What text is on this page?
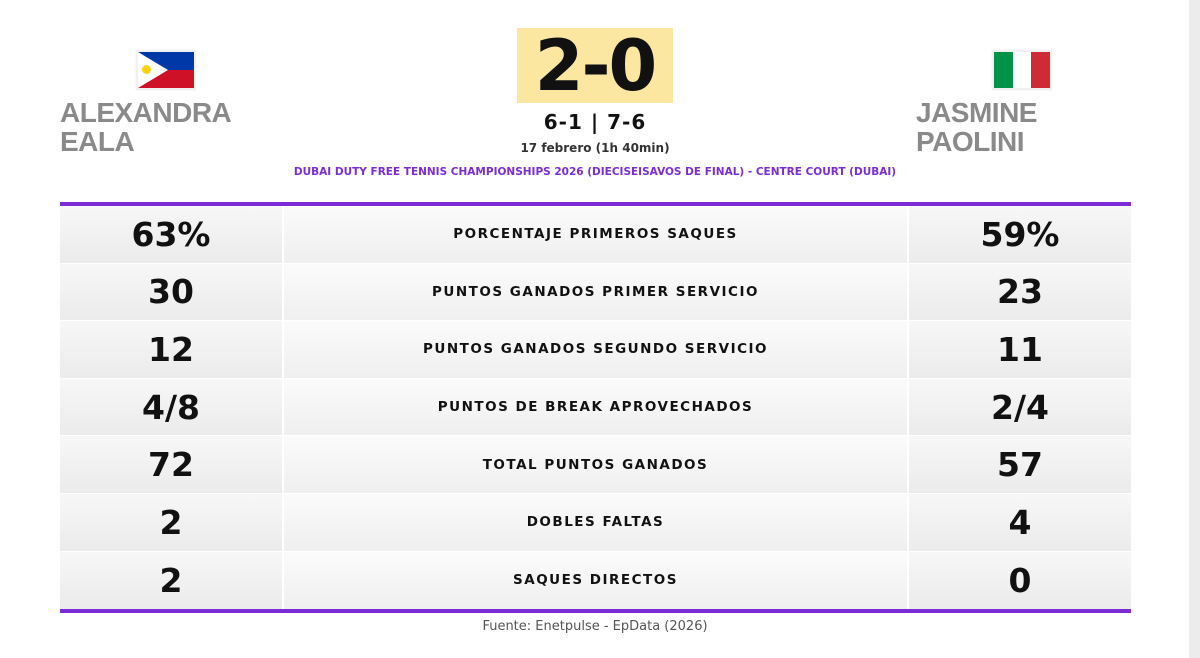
ALEXANDRA
EALA
JASMINE
PAOLINI
2-0
6-1 | 7-6
17 febrero (1h 40min)
DUBAI DUTY FREE TENNIS CHAMPIONSHIPS 2026 (DIECISEISAVOS DE FINAL) - CENTRE COURT (DUBAI)
63%	PORCENTAJE PRIMEROS SAQUES	59%
30	PUNTOS GANADOS PRIMER SERVICIO	23
12	PUNTOS GANADOS SEGUNDO SERVICIO	11
4/8	PUNTOS DE BREAK APROVECHADOS	2/4
72	TOTAL PUNTOS GANADOS	57
2	DOBLES FALTAS	4
2	SAQUES DIRECTOS	0
Fuente: Enetpulse - EpData (2026)
